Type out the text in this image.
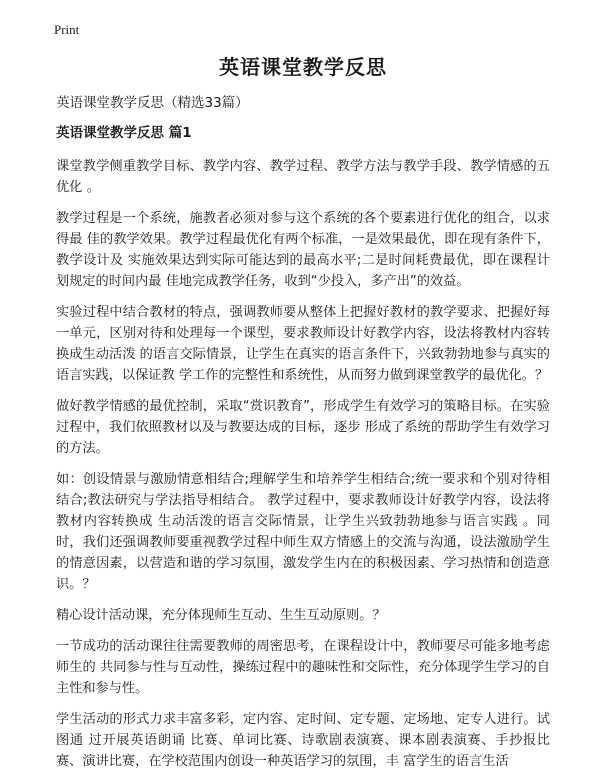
Print
英语课堂教学反思

英语课堂教学反思（精选33篇）

英语课堂教学反思 篇1

课堂教学侧重教学目标、教学内容、教学过程、教学方法与教学手段、教学情感的五优化 。

教学过程是一个系统，施教者必须对参与这个系统的各个要素进行优化的组合，以求得最 佳的教学效果。教学过程最优化有两个标准，一是效果最优，即在现有条件下，教学设计及 实施效果达到实际可能达到的最高水平;二是时间耗费最优，即在课程计划规定的时间内最 佳地完成教学任务，收到“少投入，多产出”的效益。

实验过程中结合教材的特点，强调教师要从整体上把握好教材的教学要求、把握好每一单元，区别对待和处理每一个课型，要求教师设计好教学内容，设法将教材内容转换成生动活泼 的语言交际情景，让学生在真实的语言条件下，兴致勃勃地参与真实的语言实践，以保证教 学工作的完整性和系统性，从而努力做到课堂教学的最优化。？

做好教学情感的最优控制，采取“赏识教育”，形成学生有效学习的策略目标。在实验过程中，我们依照教材以及与教要达成的目标，逐步 形成了系统的帮助学生有效学习的方法。

如：创设情景与激励情意相结合;理解学生和培养学生相结合;统一要求和个别对待相 结合;教法研究与学法指导相结合。 教学过程中，要求教师设计好教学内容，设法将教材内容转换成 生动活泼的语言交际情景，让学生兴致勃勃地参与语言实践 。同时，我们还强调教师要重视教学过程中师生双方情感上的交流与沟通，设法激励学生 的情意因素，以营造和谐的学习氛围，激发学生内在的积极因素、学习热情和创造意识。？

精心设计活动课，充分体现师生互动、生生互动原则。？

一节成功的活动课往往需要教师的周密思考，在课程设计中，教师要尽可能多地考虑师生的 共同参与性与互动性，操练过程中的趣味性和交际性，充分体现学生学习的自主性和参与性。

学生活动的形式力求丰富多彩，定内容、定时间、定专题、定场地、定专人进行。试图通 过开展英语朗诵 比赛、单词比赛、诗歌剧表演赛、课本剧表演赛、手抄报比赛、演讲比赛，在学校范围内创设一种英语学习的氛围，丰 富学生的语言生活
